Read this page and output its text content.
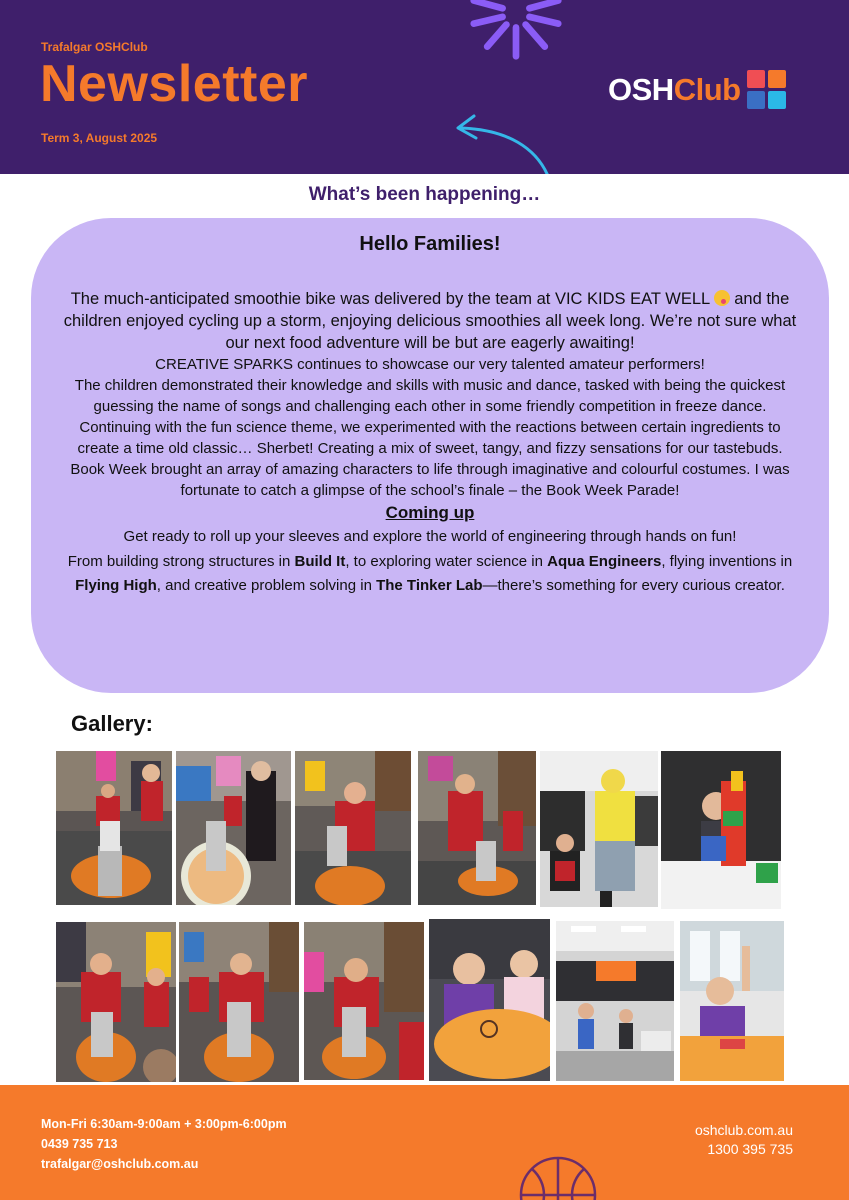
Trafalgar OSHClub
Newsletter
Term 3, August 2025
OSHClub
What’s been happening…
Hello Families!

The much-anticipated smoothie bike was delivered by the team at VIC KIDS EAT WELL and the children enjoyed cycling up a storm, enjoying delicious smoothies all week long. We’re not sure what our next food adventure will be but are eagerly awaiting!

CREATIVE SPARKS continues to showcase our very talented amateur performers!

The children demonstrated their knowledge and skills with music and dance, tasked with being the quickest guessing the name of songs and challenging each other in some friendly competition in freeze dance.

Continuing with the fun science theme, we experimented with the reactions between certain ingredients to create a time old classic… Sherbet! Creating a mix of sweet, tangy, and fizzy sensations for our tastebuds.

Book Week brought an array of amazing characters to life through imaginative and colourful costumes. I was fortunate to catch a glimpse of the school’s finale – the Book Week Parade!

Coming up
Get ready to roll up your sleeves and explore the world of engineering through hands on fun!
From building strong structures in Build It, to exploring water science in Aqua Engineers, flying inventions in Flying High, and creative problem solving in The Tinker Lab—there’s something for every curious creator.
Gallery:
Mon-Fri 6:30am-9:00am + 3:00pm-6:00pm
0439 735 713
trafalgar@oshclub.com.au
oshclub.com.au
1300 395 735
